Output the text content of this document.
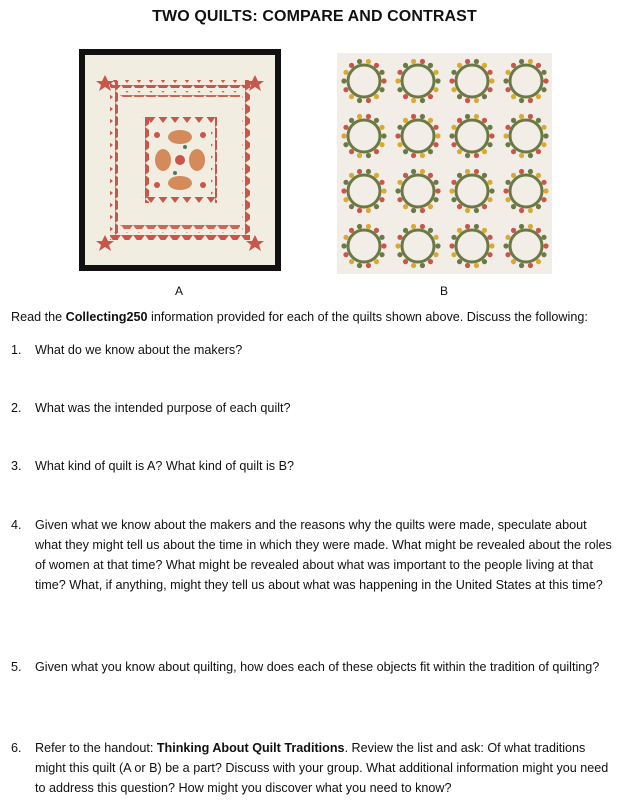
TWO QUILTS: COMPARE AND CONTRAST
A	B
Read the Collecting250 information provided for each of the quilts shown above. Discuss the following:
1. What do we know about the makers?
2. What was the intended purpose of each quilt?
3. What kind of quilt is A? What kind of quilt is B?
4. Given what we know about the makers and the reasons why the quilts were made, speculate about what they might tell us about the time in which they were made. What might be revealed about the roles of women at that time? What might be revealed about what was important to the people living at that time? What, if anything, might they tell us about what was happening in the United States at this time?
5. Given what you know about quilting, how does each of these objects fit within the tradition of quilting?
6. Refer to the handout: Thinking About Quilt Traditions. Review the list and ask: Of what traditions might this quilt (A or B) be a part? Discuss with your group. What additional information might you need to address this question? How might you discover what you need to know?
